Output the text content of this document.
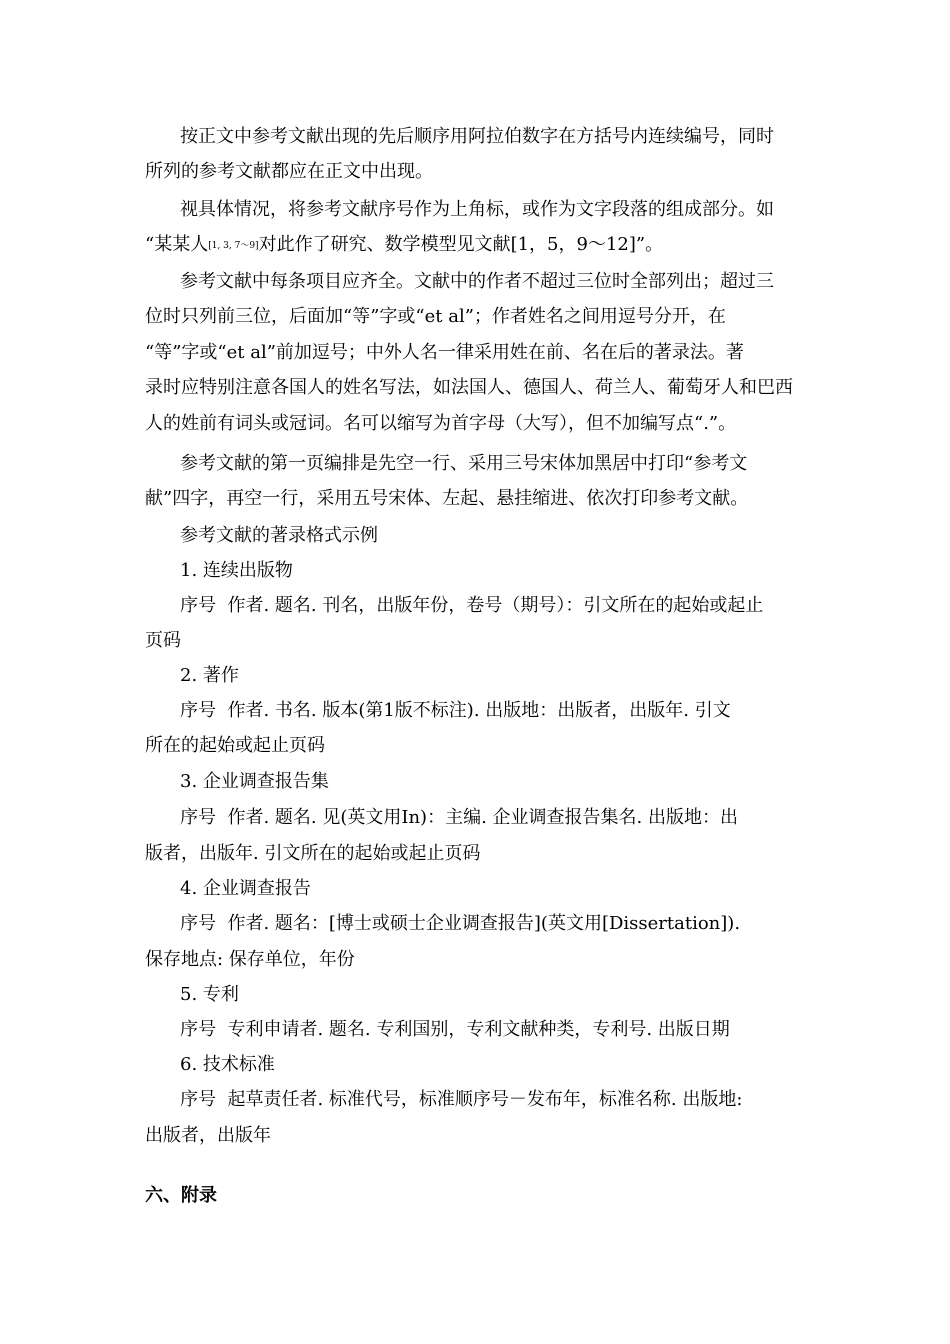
按正文中参考文献出现的先后顺序用阿拉伯数字在方括号内连续编号，同时
所列的参考文献都应在正文中出现。
视具体情况，将参考文献序号作为上角标，或作为文字段落的组成部分。如
“某某人[1, 3, 7～9]对此作了研究、数学模型见文献[1，5，9～12]”。
参考文献中每条项目应齐全。文献中的作者不超过三位时全部列出；超过三
位时只列前三位，后面加“等”字或“et al”；作者姓名之间用逗号分开，在
“等”字或“et al”前加逗号；中外人名一律采用姓在前、名在后的著录法。著
录时应特别注意各国人的姓名写法，如法国人、德国人、荷兰人、葡萄牙人和巴西
人的姓前有词头或冠词。名可以缩写为首字母（大写），但不加编写点“.”。
参考文献的第一页编排是先空一行、采用三号宋体加黑居中打印“参考文
献”四字，再空一行，采用五号宋体、左起、悬挂缩进、依次打印参考文献。
参考文献的著录格式示例
1. 连续出版物
序号  作者. 题名. 刊名，出版年份，卷号（期号）：引文所在的起始或起止
页码
2. 著作
序号  作者. 书名. 版本(第1版不标注). 出版地：出版者，出版年. 引文
所在的起始或起止页码
3. 企业调查报告集
序号  作者. 题名. 见(英文用In)：主编. 企业调查报告集名. 出版地：出
版者，出版年. 引文所在的起始或起止页码
4. 企业调查报告
序号  作者. 题名：[博士或硕士企业调查报告](英文用[Dissertation]).
保存地点: 保存单位，年份
5. 专利
序号  专利申请者. 题名. 专利国别，专利文献种类，专利号. 出版日期
6. 技术标准
序号  起草责任者. 标准代号，标准顺序号－发布年，标准名称. 出版地:
出版者，出版年
六、附录
